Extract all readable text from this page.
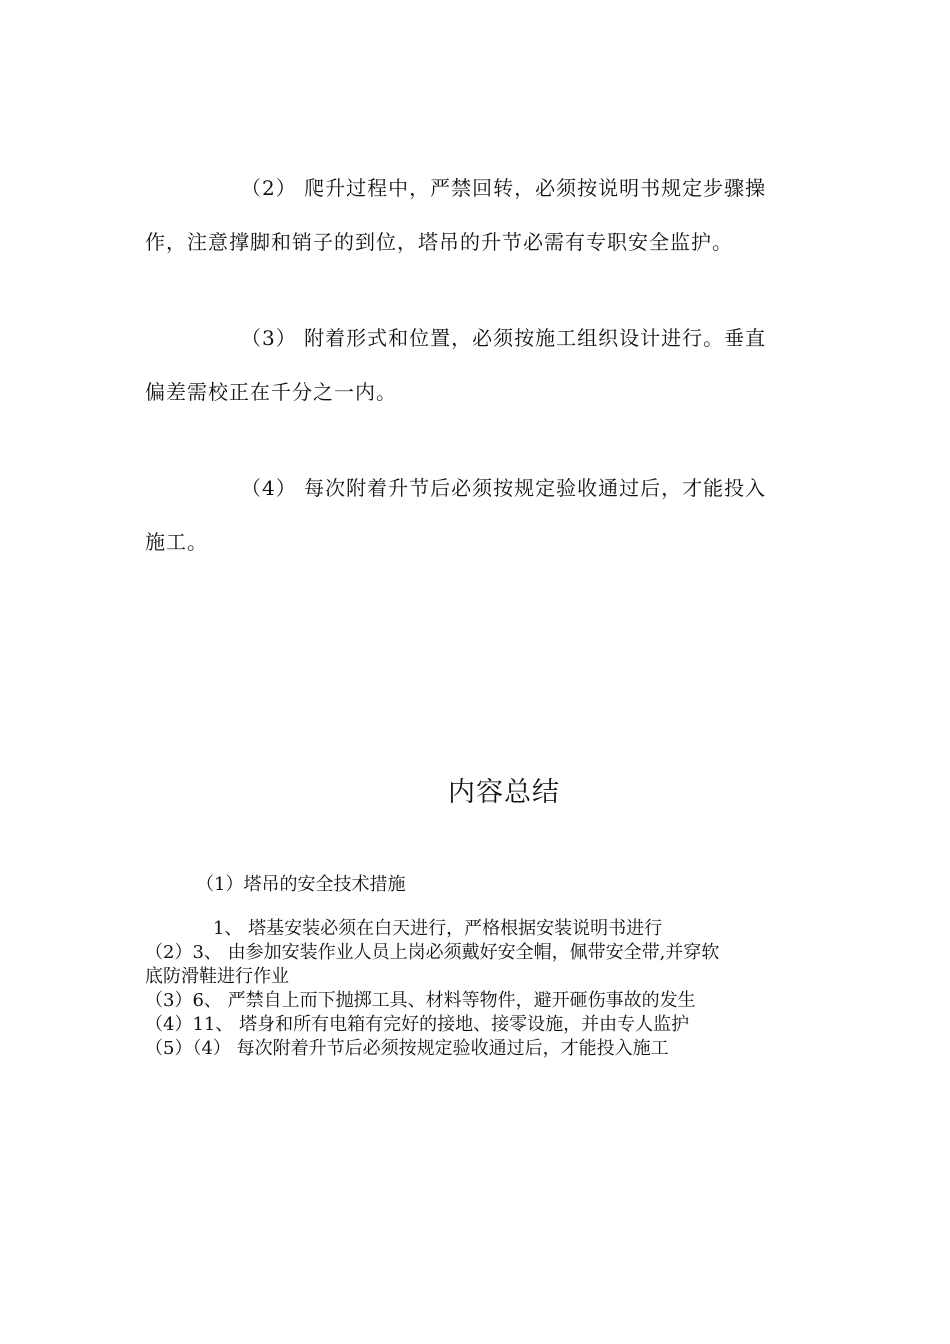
（2） 爬升过程中，严禁回转，必须按说明书规定步骤操
作，注意撑脚和销子的到位，塔吊的升节必需有专职安全监护。
（3） 附着形式和位置，必须按施工组织设计进行。垂直
偏差需校正在千分之一内。
（4） 每次附着升节后必须按规定验收通过后，才能投入
施工。
内容总结
（1）塔吊的安全技术措施
1、 塔基安装必须在白天进行，严格根据安装说明书进行
（2）3、 由参加安装作业人员上岗必须戴好安全帽，佩带安全带,并穿软
底防滑鞋进行作业
（3）6、 严禁自上而下抛掷工具、材料等物件，避开砸伤事故的发生
（4）11、 塔身和所有电箱有完好的接地、接零设施，并由专人监护
（5）（4） 每次附着升节后必须按规定验收通过后，才能投入施工
